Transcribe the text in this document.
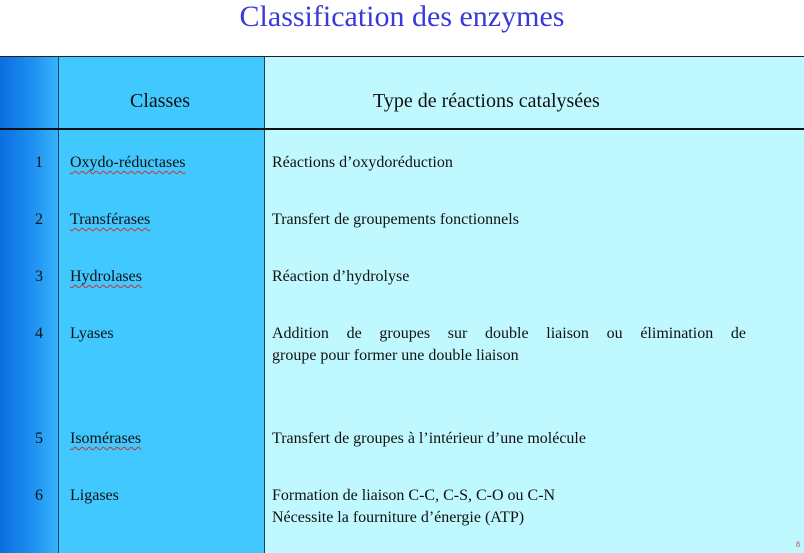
Classification des enzymes
Classes	Type de réactions catalysées
1 Oxydo-réductases	Réactions d’oxydoréduction
2 Transférases	Transfert de groupements fonctionnels
3 Hydrolases	Réaction d’hydrolyse
4 Lyases	Addition de groupes sur double liaison ou élimination de
groupe pour former une double liaison
5 Isomérases	Transfert de groupes à l’intérieur d’une molécule
6 Ligases	Formation de liaison C-C, C-S, C-O ou C-N
Nécessite la fourniture d’énergie (ATP)
8
